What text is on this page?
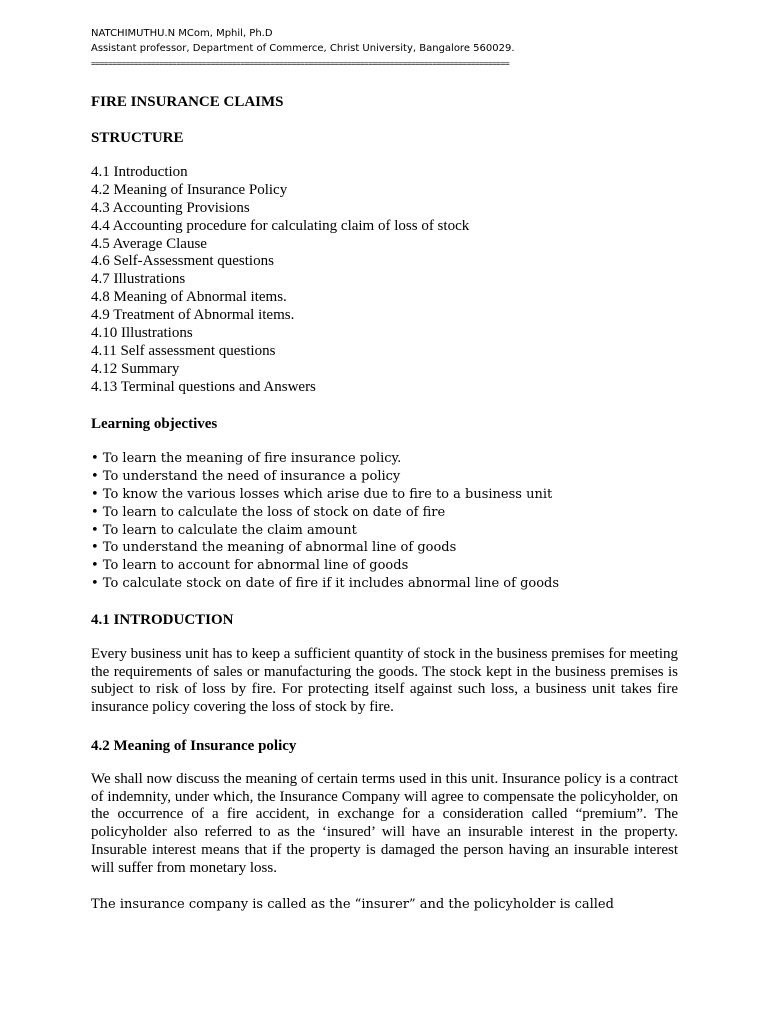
NATCHIMUTHU.N MCom, Mphil, Ph.D
Assistant professor, Department of Commerce, Christ University, Bangalore 560029.
==================================================================================================
FIRE INSURANCE CLAIMS
STRUCTURE
4.1 Introduction
4.2 Meaning of Insurance Policy
4.3 Accounting Provisions
4.4 Accounting procedure for calculating claim of loss of stock
4.5 Average Clause
4.6 Self-Assessment questions
4.7 Illustrations
4.8 Meaning of Abnormal items.
4.9 Treatment of Abnormal items.
4.10 Illustrations
4.11 Self assessment questions
4.12 Summary
4.13 Terminal questions and Answers
Learning objectives
• To learn the meaning of fire insurance policy.
• To understand the need of insurance a policy
• To know the various losses which arise due to fire to a business unit
• To learn to calculate the loss of stock on date of fire
• To learn to calculate the claim amount
• To understand the meaning of abnormal line of goods
• To learn to account for abnormal line of goods
• To calculate stock on date of fire if it includes abnormal line of goods
4.1 INTRODUCTION

Every business unit has to keep a sufficient quantity of stock in the business premises for meeting the requirements of sales or manufacturing the goods. The stock kept in the business premises is subject to risk of loss by fire. For protecting itself against such loss, a business unit takes fire insurance policy covering the loss of stock by fire.

4.2 Meaning of Insurance policy

We shall now discuss the meaning of certain terms used in this unit. Insurance policy is a contract of indemnity, under which, the Insurance Company will agree to compensate the policyholder, on the occurrence of a fire accident, in exchange for a consideration called “premium”. The policyholder also referred to as the ‘insured’ will have an insurable interest in the property. Insurable interest means that if the property is damaged the person having an insurable interest will suffer from monetary loss.

The insurance company is called as the “insurer” and the policyholder is called
